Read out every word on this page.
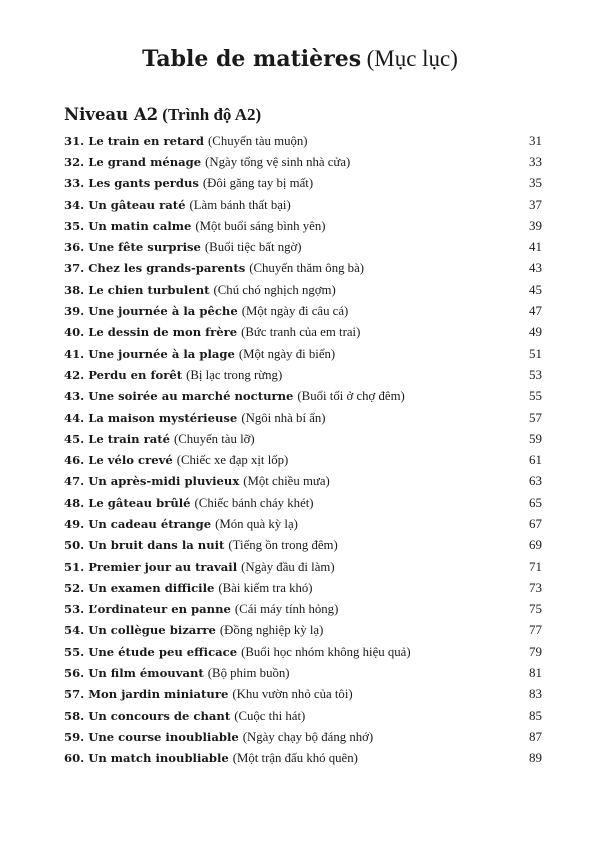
Table de matières (Mục lục)
Niveau A2 (Trình độ A2)
31. Le train en retard (Chuyến tàu muộn)	31
32. Le grand ménage (Ngày tổng vệ sinh nhà cửa)	33
33. Les gants perdus (Đôi găng tay bị mất)	35
34. Un gâteau raté (Làm bánh thất bại)	37
35. Un matin calme (Một buổi sáng bình yên)	39
36. Une fête surprise (Buổi tiệc bất ngờ)	41
37. Chez les grands-parents (Chuyến thăm ông bà)	43
38. Le chien turbulent (Chú chó nghịch ngợm)	45
39. Une journée à la pêche (Một ngày đi câu cá)	47
40. Le dessin de mon frère (Bức tranh của em trai)	49
41. Une journée à la plage (Một ngày đi biển)	51
42. Perdu en forêt (Bị lạc trong rừng)	53
43. Une soirée au marché nocturne (Buổi tối ở chợ đêm)	55
44. La maison mystérieuse (Ngôi nhà bí ẩn)	57
45. Le train raté (Chuyến tàu lỡ)	59
46. Le vélo crevé (Chiếc xe đạp xịt lốp)	61
47. Un après-midi pluvieux (Một chiều mưa)	63
48. Le gâteau brûlé (Chiếc bánh cháy khét)	65
49. Un cadeau étrange (Món quà kỳ lạ)	67
50. Un bruit dans la nuit (Tiếng ồn trong đêm)	69
51. Premier jour au travail (Ngày đầu đi làm)	71
52. Un examen difficile (Bài kiểm tra khó)	73
53. L’ordinateur en panne (Cái máy tính hỏng)	75
54. Un collègue bizarre (Đồng nghiệp kỳ lạ)	77
55. Une étude peu efficace (Buổi học nhóm không hiệu quả)	79
56. Un film émouvant (Bộ phim buồn)	81
57. Mon jardin miniature (Khu vườn nhỏ của tôi)	83
58. Un concours de chant (Cuộc thi hát)	85
59. Une course inoubliable (Ngày chạy bộ đáng nhớ)	87
60. Un match inoubliable (Một trận đấu khó quên)	89
